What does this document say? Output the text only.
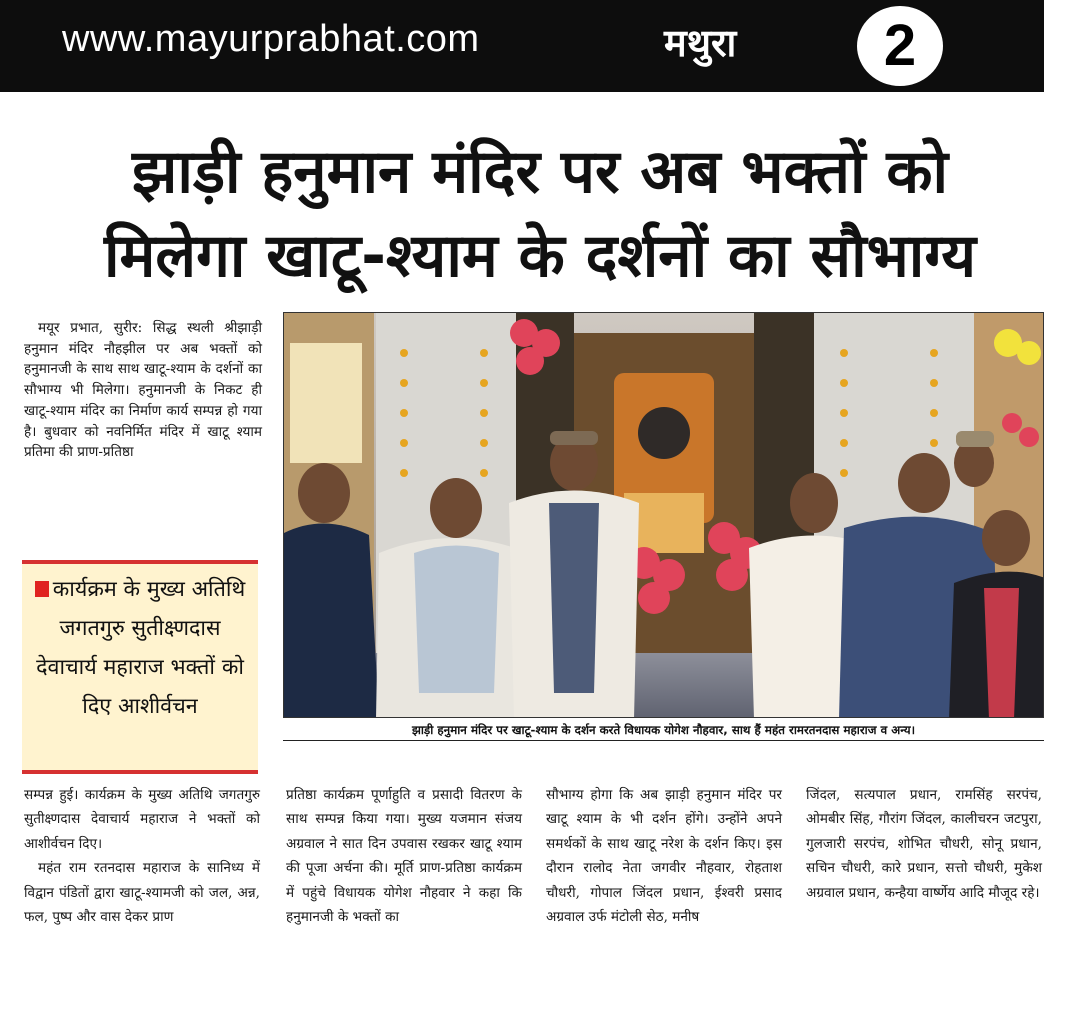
www.mayurprabhat.com	मथुरा	2
झाड़ी हनुमान मंदिर पर अब भक्तों को
मिलेगा खाटू-श्याम के दर्शनों का सौभाग्य
मयूर प्रभात, सुरीर: सिद्ध स्थली श्रीझाड़ी हनुमान मंदिर नौहझील पर अब भक्तों को हनुमानजी के साथ साथ खाटू-श्याम के दर्शनों का सौभाग्य भी मिलेगा। हनुमानजी के निकट ही खाटू-श्याम मंदिर का निर्माण कार्य सम्पन्न हो गया है। बुधवार को नवनिर्मित मंदिर में खाटू श्याम प्रतिमा की प्राण-प्रतिष्ठा
कार्यक्रम के मुख्य अतिथि जगतगुरु सुतीक्ष्णदास देवाचार्य महाराज भक्तों को दिए आशीर्वचन
झाड़ी हनुमान मंदिर पर खाटू-श्याम के दर्शन करते विधायक योगेश नौहवार, साथ हैं महंत रामरतनदास महाराज व अन्य।

सम्पन्न हुई। कार्यक्रम के मुख्य अतिथि जगतगुरु सुतीक्ष्णदास देवाचार्य महाराज ने भक्तों को आशीर्वचन दिए।

महंत राम रतनदास महाराज के सानिध्य में विद्वान पंडितों द्वारा खाटू-श्यामजी को जल, अन्न, फल, पुष्प और वास देकर प्राण

प्रतिष्ठा कार्यक्रम पूर्णाहुति व प्रसादी वितरण के साथ सम्पन्न किया गया। मुख्य यजमान संजय अग्रवाल ने सात दिन उपवास रखकर खाटू श्याम की पूजा अर्चना की। मूर्ति प्राण-प्रतिष्ठा कार्यक्रम में पहुंचे विधायक योगेश नौहवार ने कहा कि हनुमानजी के भक्तों का

सौभाग्य होगा कि अब झाड़ी हनुमान मंदिर पर खाटू श्याम के भी दर्शन होंगे। उन्होंने अपने समर्थकों के साथ खाटू नरेश के दर्शन किए। इस दौरान रालोद नेता जगवीर नौहवार, रोहताश चौधरी, गोपाल जिंदल प्रधान, ईश्वरी प्रसाद अग्रवाल उर्फ मंटोली सेठ, मनीष

जिंदल, सत्यपाल प्रधान, रामसिंह सरपंच, ओमबीर सिंह, गौरांग जिंदल, कालीचरन जटपुरा, गुलजारी सरपंच, शोभित चौधरी, सोनू प्रधान, सचिन चौधरी, कारे प्रधान, सत्तो चौधरी, मुकेश अग्रवाल प्रधान, कन्हैया वार्ष्णेय आदि मौजूद रहे।
